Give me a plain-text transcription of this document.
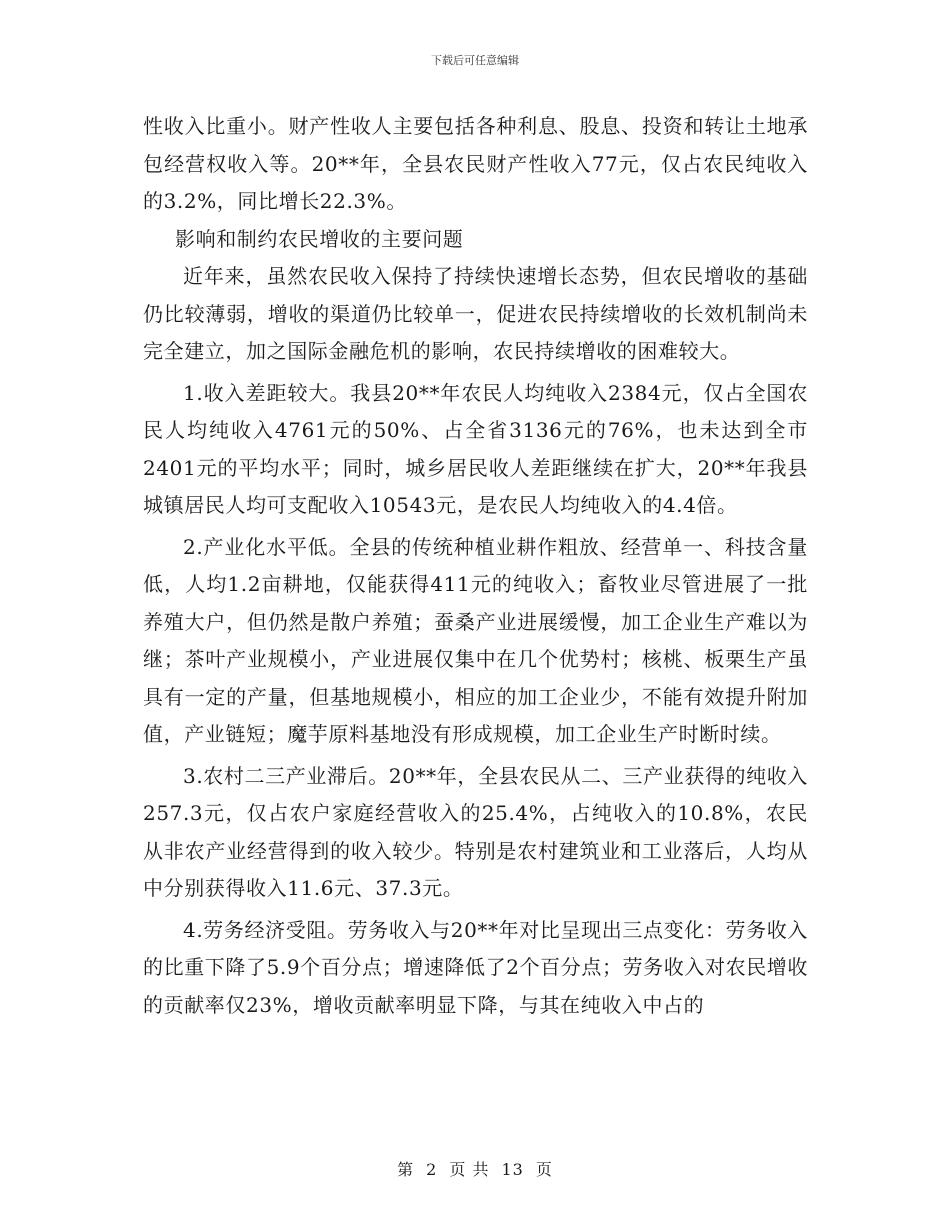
下载后可任意编辑

性收入比重小。财产性收人主要包括各种利息、股息、投资和转让土地承包经营权收入等。20**年，全县农民财产性收入77元，仅占农民纯收入的3.2%，同比增长22.3%。

影响和制约农民增收的主要问题

近年来，虽然农民收入保持了持续快速增长态势，但农民增收的基础仍比较薄弱，增收的渠道仍比较单一，促进农民持续增收的长效机制尚未完全建立，加之国际金融危机的影响，农民持续增收的困难较大。

1.收入差距较大。我县20**年农民人均纯收入2384元，仅占全国农民人均纯收入4761元的50%、占全省3136元的76%，也未达到全市2401元的平均水平；同时，城乡居民收人差距继续在扩大，20**年我县城镇居民人均可支配收入10543元，是农民人均纯收入的4.4倍。

2.产业化水平低。全县的传统种植业耕作粗放、经营单一、科技含量低，人均1.2亩耕地，仅能获得411元的纯收入；畜牧业尽管进展了一批养殖大户，但仍然是散户养殖；蚕桑产业进展缓慢，加工企业生产难以为继；茶叶产业规模小，产业进展仅集中在几个优势村；核桃、板栗生产虽具有一定的产量，但基地规模小，相应的加工企业少，不能有效提升附加值，产业链短；魔芋原料基地没有形成规模，加工企业生产时断时续。

3.农村二三产业滞后。20**年，全县农民从二、三产业获得的纯收入257.3元，仅占农户家庭经营收入的25.4%，占纯收入的10.8%，农民从非农产业经营得到的收入较少。特别是农村建筑业和工业落后，人均从中分别获得收入11.6元、37.3元。

4.劳务经济受阻。劳务收入与20**年对比呈现出三点变化：劳务收入的比重下降了5.9个百分点；增速降低了2个百分点；劳务收入对农民增收的贡献率仅23%，增收贡献率明显下降，与其在纯收入中占的

第 2 页 共 13 页
